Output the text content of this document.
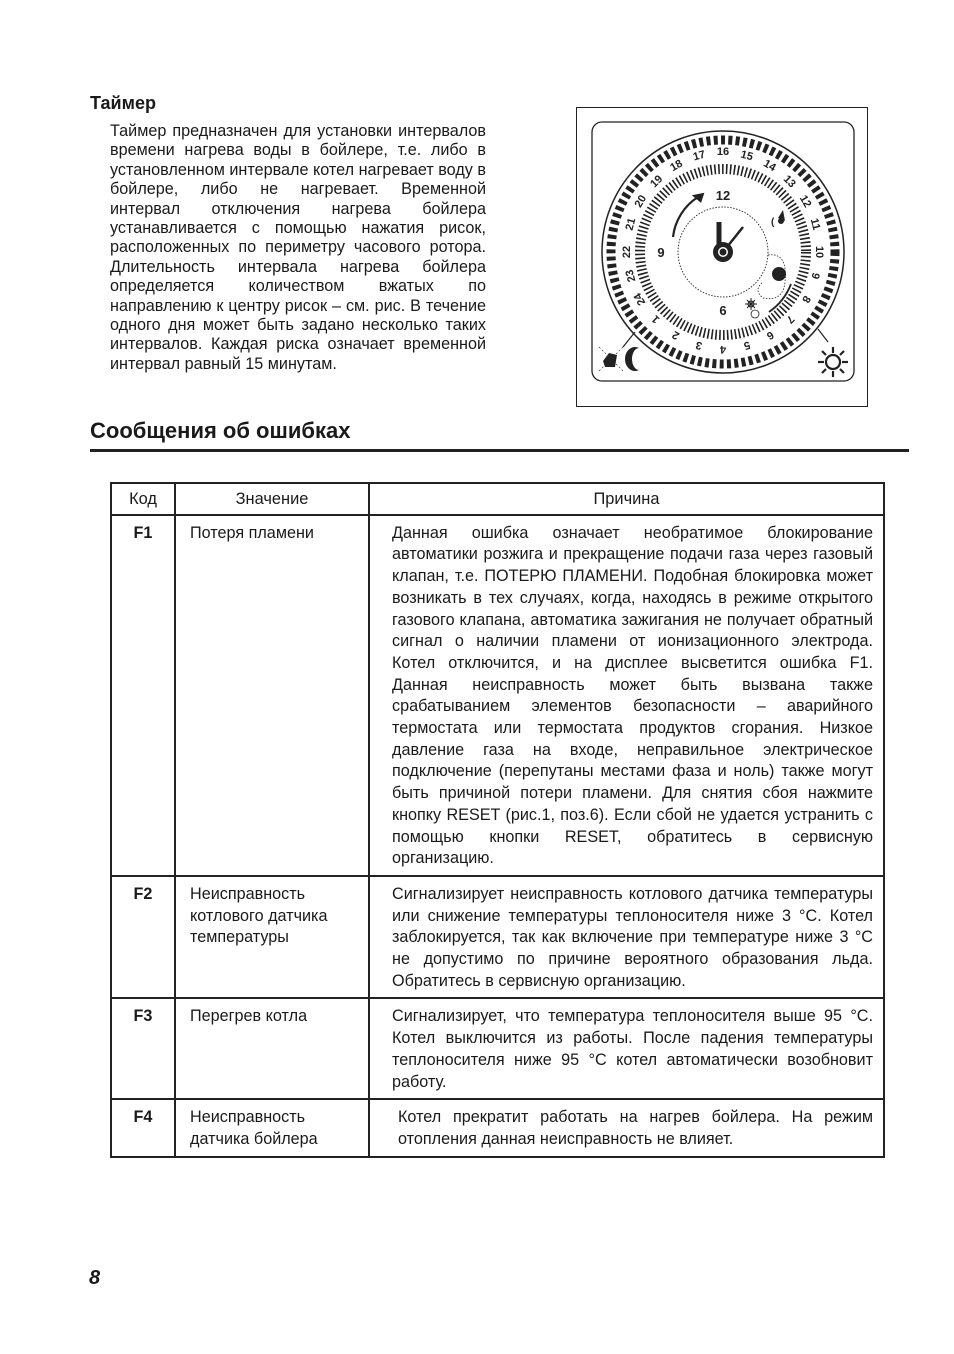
Таймер
Таймер предназначен для установки интервалов времени нагрева воды в бойлере, т.е. либо в установленном интервале котел нагревает воду в бойлере, либо не нагревает. Временной интервал отключения нагрева бойлера устанавливается с помощью нажатия рисок, расположенных по периметру часового ротора. Длительность интервала нагрева бойлера определяется количеством вжатых по направлению к центру рисок – см. рис. В течение одного дня может быть задано несколько таких интервалов. Каждая риска означает временной интервал равный 15 минутам.
16 15
14
13
12
11
10
9
8
7
6
5
4
3
2
1
24
23
22
21
20
19
18
17
12
9
6
(
Сообщения об ошибках
Код	Значение	Причина
F1	Потеря пламени	Данная ошибка означает необратимое блокирование автоматики розжига и прекращение подачи газа через газовый клапан, т.е. ПОТЕРЮ ПЛАМЕНИ. Подобная блокировка может возникать в тех случаях, когда, находясь в режиме открытого газового клапана, автоматика зажигания не получает обратный сигнал о наличии пламени от ионизационного электрода. Котел отключится, и на дисплее высветится ошибка F1. Данная неисправность может быть вызвана также срабатыванием элементов безопасности – аварийного термостата или термостата продуктов сгорания. Низкое давление газа на входе, неправильное электрическое подключение (перепутаны местами фаза и ноль) также могут быть причиной потери пламени. Для снятия сбоя нажмите кнопку RESET (рис.1, поз.6). Если сбой не удается устранить с помощью кнопки RESET, обратитесь в сервисную организацию.
F2	Неисправность котлового датчика температуры	Сигнализирует неисправность котлового датчика температуры или снижение температуры теплоносителя ниже 3 °С. Котел заблокируется, так как включение при температуре ниже 3 °С не допустимо по причине вероятного образования льда. Обратитесь в сервисную организацию.
F3	Перегрев котла	Сигнализирует, что температура теплоносителя выше 95 °С. Котел выключится из работы. После падения температуры теплоносителя ниже 95 °С котел автоматически возобновит работу.
F4	Неисправность датчика бойлера	Котел прекратит работать на нагрев бойлера. На режим отопления данная неисправность не влияет.
8
